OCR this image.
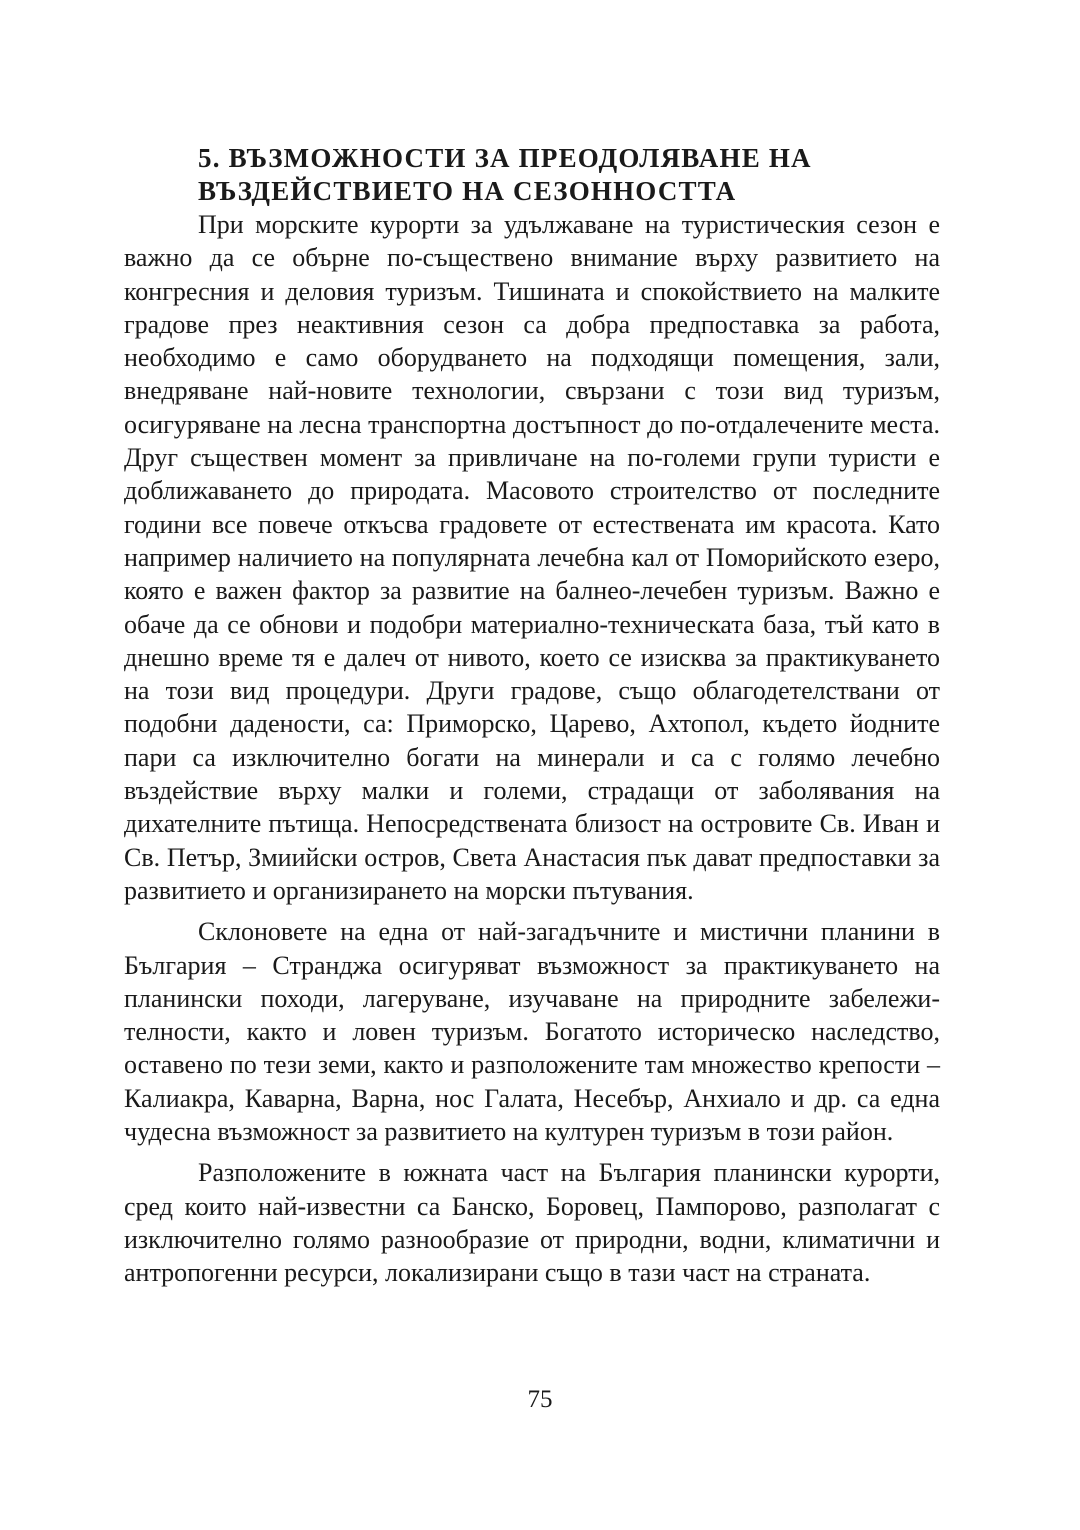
5. ВЪЗМОЖНОСТИ ЗА ПРЕОДОЛЯВАНЕ НА
ВЪЗДЕЙСТВИЕТО НА СЕЗОННОСТТА

При морските курорти за удължаване на туристическия сезон е важно да се обърне по-съществено внимание върху развитието на конгресния и деловия туризъм. Тишината и спокойствието на малките градове през неактивния сезон са добра предпоставка за работа, необходимо е само оборудването на подходящи помещения, зали, внедряване най-новите технологии, свързани с този вид туризъм, осигуряване на лесна транспортна достъпност до по-отдалечените места. Друг съществен момент за привличане на по-големи групи туристи е доближаването до природата. Масовото строителство от последните години все повече откъсва градовете от естествената им красота. Като например наличието на популярната лечебна кал от Поморийското езеро, която е важен фактор за развитие на балнео-лечебен туризъм. Важно е обаче да се обнови и подобри материално-техническата база, тъй като в днешно време тя е далеч от нивото, което се изисква за практикуването на този вид процедури. Други градове, също облагодетелствани от подобни дадености, са: Приморско, Царево, Ахтопол, където йодните пари са изключително богати на минерали и са с голямо лечебно въздействие върху малки и големи, страдащи от заболявания на дихателните пътища. Непосредствената близост на островите Св. Иван и Св. Петър, Змиийски остров, Света Анастасия пък дават предпоставки за развитието и организирането на морски пътувания.

Склоновете на една от най-загадъчните и мистични планини в България – Странджа осигуряват възможност за практикуването на планински походи, лагеруване, изучаване на природните забележителности, както и ловен туризъм. Богатото историческо наследство, оставено по тези земи, както и разположените там множество крепости – Калиакра, Каварна, Варна, нос Галата, Несебър, Анхиало и др. са една чудесна възможност за развитието на културен туризъм в този район.

Разположените в южната част на България планински курорти, сред които най-известни са Банско, Боровец, Пампорово, разполагат с изключително голямо разнообразие от природни, водни, климатични и антропогенни ресурси, локализирани също в тази част на страната.

75
